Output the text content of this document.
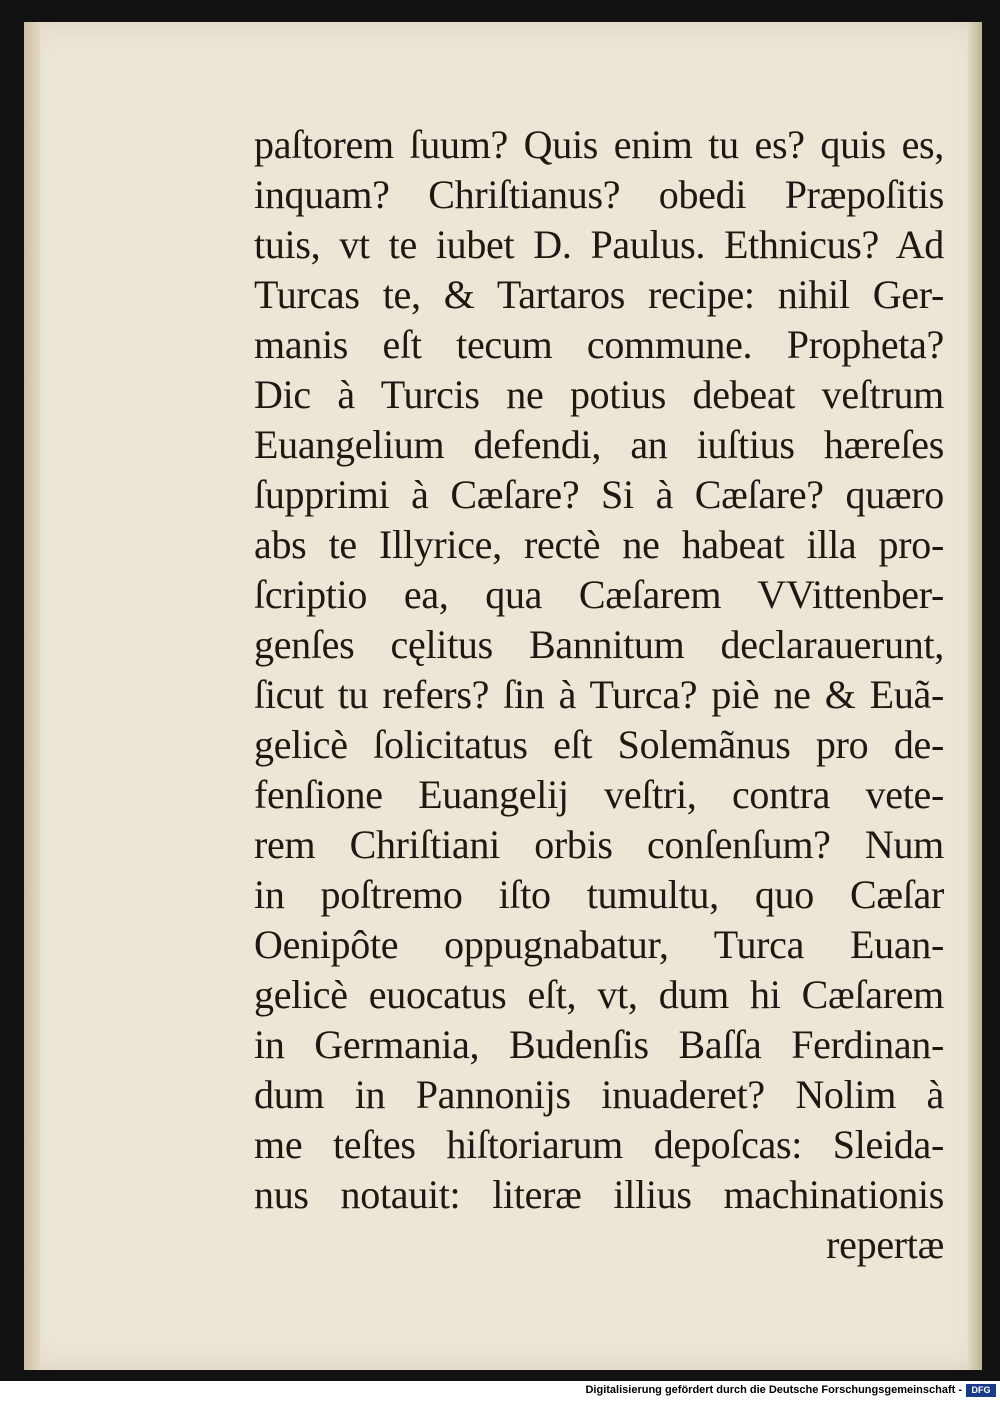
paſtorem ſuum? Quis enim tu es? quis es,
inquam? Chriſtianus? obedi Præpoſitis
tuis, vt te iubet D. Paulus. Ethnicus? Ad
Turcas te, & Tartaros recipe: nihil Ger-
manis eſt tecum commune. Propheta?
Dic à Turcis ne potius debeat veſtrum
Euangelium defendi, an iuſtius hæreſes
ſupprimi à Cæſare? Si à Cæſare? quæro
abs te Illyrice, rectè ne habeat illa pro-
ſcriptio ea, qua Cæſarem VVittenber-
genſes cęlitus Bannitum declarauerunt,
ſicut tu refers? ſin à Turca? piè ne & Euã-
gelicè ſolicitatus eſt Solemãnus pro de-
fenſione Euangelij veſtri, contra vete-
rem Chriſtiani orbis conſenſum? Num
in poſtremo iſto tumultu, quo Cæſar
Oenipôte oppugnabatur, Turca Euan-
gelicè euocatus eſt, vt, dum hi Cæſarem
in Germania, Budenſis Baſſa Ferdinan-
dum in Pannonijs inuaderet? Nolim à
me teſtes hiſtoriarum depoſcas: Sleida-
nus notauit: literæ illius machinationis
repertæ
Digitalisierung gefördert durch die Deutsche Forschungsgemeinschaft -	DFG
